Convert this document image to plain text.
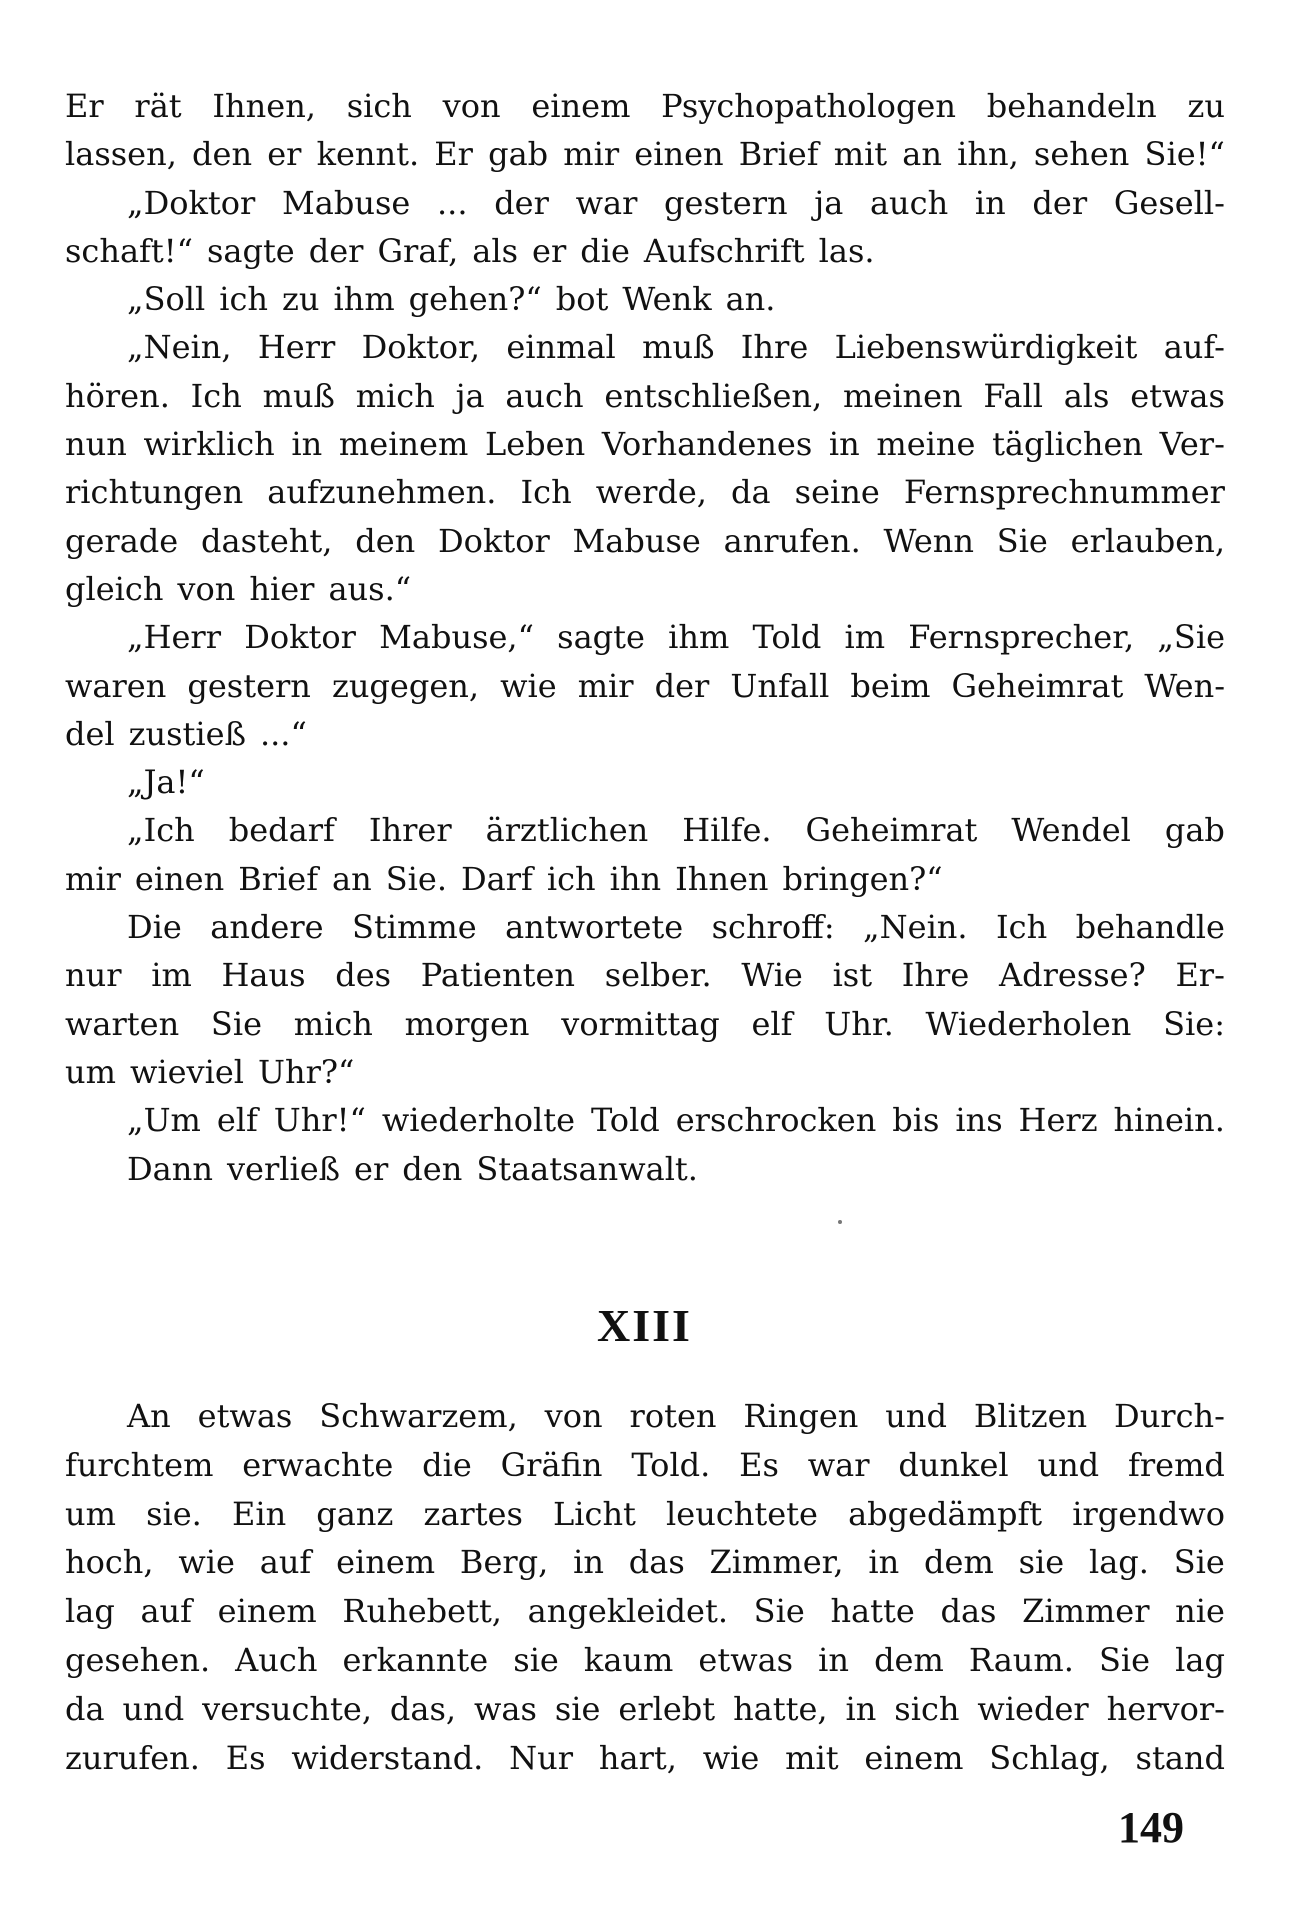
Er rät Ihnen, sich von einem Psychopathologen behandeln zu
lassen, den er kennt. Er gab mir einen Brief mit an ihn, sehen Sie!“
„Doktor Mabuse ... der war gestern ja auch in der Gesell-
schaft!“ sagte der Graf, als er die Aufschrift las.
„Soll ich zu ihm gehen?“ bot Wenk an.
„Nein, Herr Doktor, einmal muß Ihre Liebenswürdigkeit auf-
hören. Ich muß mich ja auch entschließen, meinen Fall als etwas
nun wirklich in meinem Leben Vorhandenes in meine täglichen Ver-
richtungen aufzunehmen. Ich werde, da seine Fernsprechnummer
gerade dasteht, den Doktor Mabuse anrufen. Wenn Sie erlauben,
gleich von hier aus.“
„Herr Doktor Mabuse,“ sagte ihm Told im Fernsprecher, „Sie
waren gestern zugegen, wie mir der Unfall beim Geheimrat Wen-
del zustieß ...“
„Ja!“
„Ich bedarf Ihrer ärztlichen Hilfe. Geheimrat Wendel gab
mir einen Brief an Sie. Darf ich ihn Ihnen bringen?“
Die andere Stimme antwortete schroff: „Nein. Ich behandle
nur im Haus des Patienten selber. Wie ist Ihre Adresse? Er-
warten Sie mich morgen vormittag elf Uhr. Wiederholen Sie:
um wieviel Uhr?“
„Um elf Uhr!“ wiederholte Told erschrocken bis ins Herz hinein.
Dann verließ er den Staatsanwalt.
XIII
An etwas Schwarzem, von roten Ringen und Blitzen Durch-
furchtem erwachte die Gräfin Told. Es war dunkel und fremd
um sie. Ein ganz zartes Licht leuchtete abgedämpft irgendwo
hoch, wie auf einem Berg, in das Zimmer, in dem sie lag. Sie
lag auf einem Ruhebett, angekleidet. Sie hatte das Zimmer nie
gesehen. Auch erkannte sie kaum etwas in dem Raum. Sie lag
da und versuchte, das, was sie erlebt hatte, in sich wieder hervor-
zurufen. Es widerstand. Nur hart, wie mit einem Schlag, stand
149
